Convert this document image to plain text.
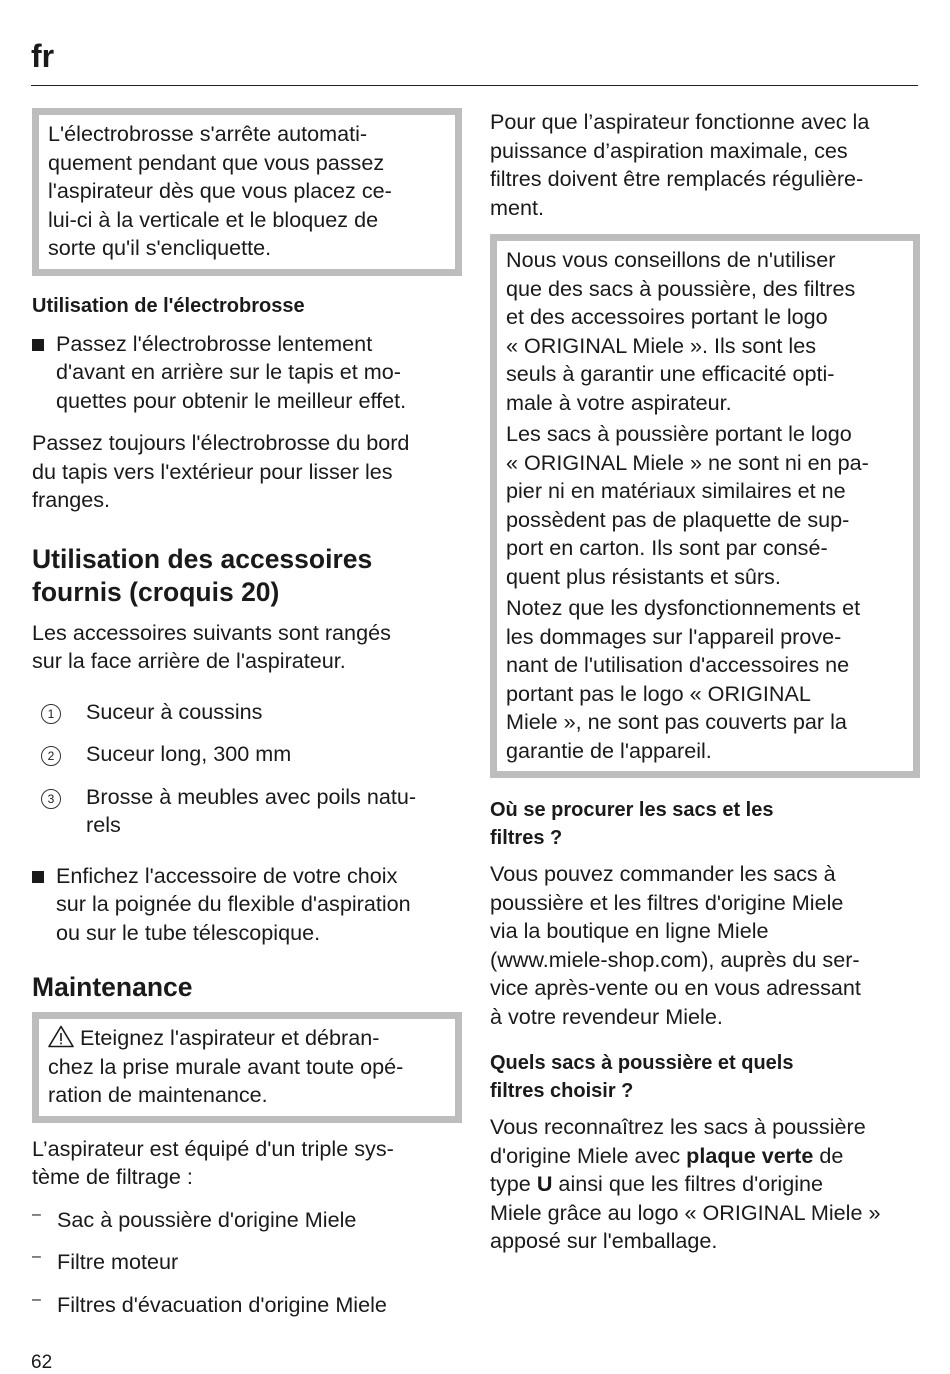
fr

L'électrobrosse s'arrête automati-
quement pendant que vous passez
l'aspirateur dès que vous placez ce-
lui-ci à la verticale et le bloquez de
sorte qu'il s'encliquette.

Utilisation de l'électrobrosse

Passez l'électrobrosse lentement
d'avant en arrière sur le tapis et mo-
quettes pour obtenir le meilleur effet.

Passez toujours l'électrobrosse du bord
du tapis vers l'extérieur pour lisser les
franges.

Utilisation des accessoires
fournis (croquis 20)

Les accessoires suivants sont rangés
sur la face arrière de l'aspirateur.

1	Suceur à coussins

2	Suceur long, 300 mm

3	Brosse à meubles avec poils natu-
rels

Enfichez l'accessoire de votre choix
sur la poignée du flexible d'aspiration
ou sur le tube télescopique.

Maintenance

Eteignez l'aspirateur et débran-
chez la prise murale avant toute opé-
ration de maintenance.

L’aspirateur est équipé d'un triple sys-
tème de filtrage :

– Sac à poussière d'origine Miele

– Filtre moteur

– Filtres d'évacuation d'origine Miele

Pour que l’aspirateur fonctionne avec la
puissance d’aspiration maximale, ces
filtres doivent être remplacés régulière-
ment.

Nous vous conseillons de n'utiliser
que des sacs à poussière, des filtres
et des accessoires portant le logo
« ORIGINAL Miele ». Ils sont les
seuls à garantir une efficacité opti-
male à votre aspirateur.

Les sacs à poussière portant le logo
« ORIGINAL Miele » ne sont ni en pa-
pier ni en matériaux similaires et ne
possèdent pas de plaquette de sup-
port en carton. Ils sont par consé-
quent plus résistants et sûrs.

Notez que les dysfonctionnements et
les dommages sur l'appareil prove-
nant de l'utilisation d'accessoires ne
portant pas le logo « ORIGINAL
Miele », ne sont pas couverts par la
garantie de l'appareil.

Où se procurer les sacs et les
filtres ?

Vous pouvez commander les sacs à
poussière et les filtres d'origine Miele
via la boutique en ligne Miele
(www.miele-shop.com), auprès du ser-
vice après-vente ou en vous adressant
à votre revendeur Miele.

Quels sacs à poussière et quels
filtres choisir ?

Vous reconnaîtrez les sacs à poussière
d'origine Miele avec plaque verte de
type U ainsi que les filtres d'origine
Miele grâce au logo « ORIGINAL Miele »
apposé sur l'emballage.

62
